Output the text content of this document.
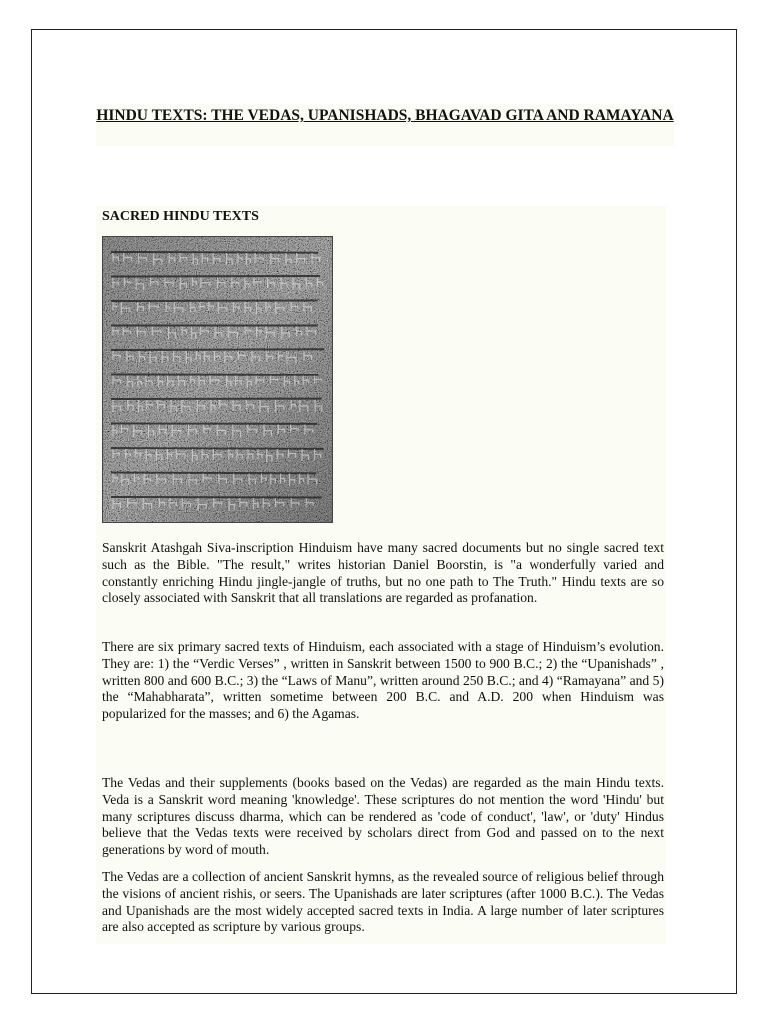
HINDU TEXTS: THE VEDAS, UPANISHADS, BHAGAVAD GITA AND RAMAYANA
SACRED HINDU TEXTS

Sanskrit Atashgah Siva-inscription Hinduism have many sacred documents but no single sacred text such as the Bible. "The result," writes historian Daniel Boorstin, is "a wonderfully varied and constantly enriching Hindu jingle-jangle of truths, but no one path to The Truth." Hindu texts are so closely associated with Sanskrit that all translations are regarded as profanation.

There are six primary sacred texts of Hinduism, each associated with a stage of Hinduism’s evolution. They are: 1) the “Verdic Verses” , written in Sanskrit between 1500 to 900 B.C.; 2) the “Upanishads” , written 800 and 600 B.C.; 3) the “Laws of Manu”, written around 250 B.C.; and 4) “Ramayana” and 5) the “Mahabharata”, written sometime between 200 B.C. and A.D. 200 when Hinduism was popularized for the masses; and 6) the Agamas.

The Vedas and their supplements (books based on the Vedas) are regarded as the main Hindu texts. Veda is a Sanskrit word meaning 'knowledge'. These scriptures do not mention the word 'Hindu' but many scriptures discuss dharma, which can be rendered as 'code of conduct', 'law', or 'duty' Hindus believe that the Vedas texts were received by scholars direct from God and passed on to the next generations by word of mouth.

The Vedas are a collection of ancient Sanskrit hymns, as the revealed source of religious belief through the visions of ancient rishis, or seers. The Upanishads are later scriptures (after 1000 B.C.). The Vedas and Upanishads are the most widely accepted sacred texts in India. A large number of later scriptures are also accepted as scripture by various groups.
